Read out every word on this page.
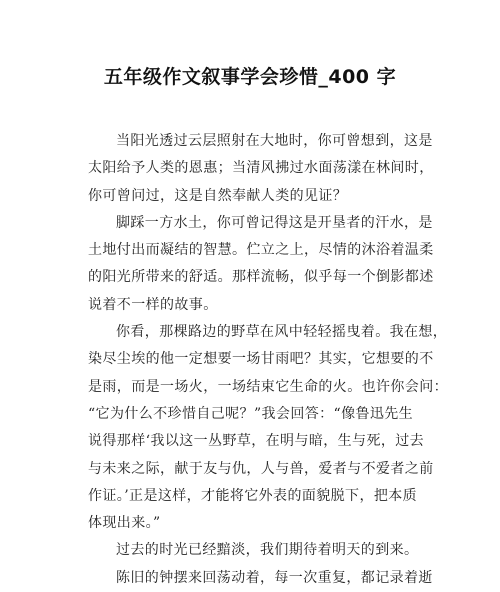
五年级作文叙事学会珍惜_400 字
当阳光透过云层照射在大地时，你可曾想到，这是
太阳给予人类的恩惠；当清风拂过水面荡漾在林间时，
你可曾问过，这是自然奉献人类的见证？
脚踩一方水土，你可曾记得这是开垦者的汗水，是
土地付出而凝结的智慧。伫立之上，尽情的沐浴着温柔
的阳光所带来的舒适。那样流畅，似乎每一个倒影都述
说着不一样的故事。
你看，那棵路边的野草在风中轻轻摇曳着。我在想，
染尽尘埃的他一定想要一场甘雨吧？其实，它想要的不
是雨，而是一场火，一场结束它生命的火。也许你会问：
“它为什么不珍惜自己呢？”我会回答：“像鲁迅先生
说得那样‘我以这一丛野草，在明与暗，生与死，过去
与未来之际，献于友与仇，人与兽，爱者与不爱者之前
作证。’正是这样，才能将它外表的面貌脱下，把本质
体现出来。”
过去的时光已经黯淡，我们期待着明天的到来。
陈旧的钟摆来回荡动着，每一次重复，都记录着逝
